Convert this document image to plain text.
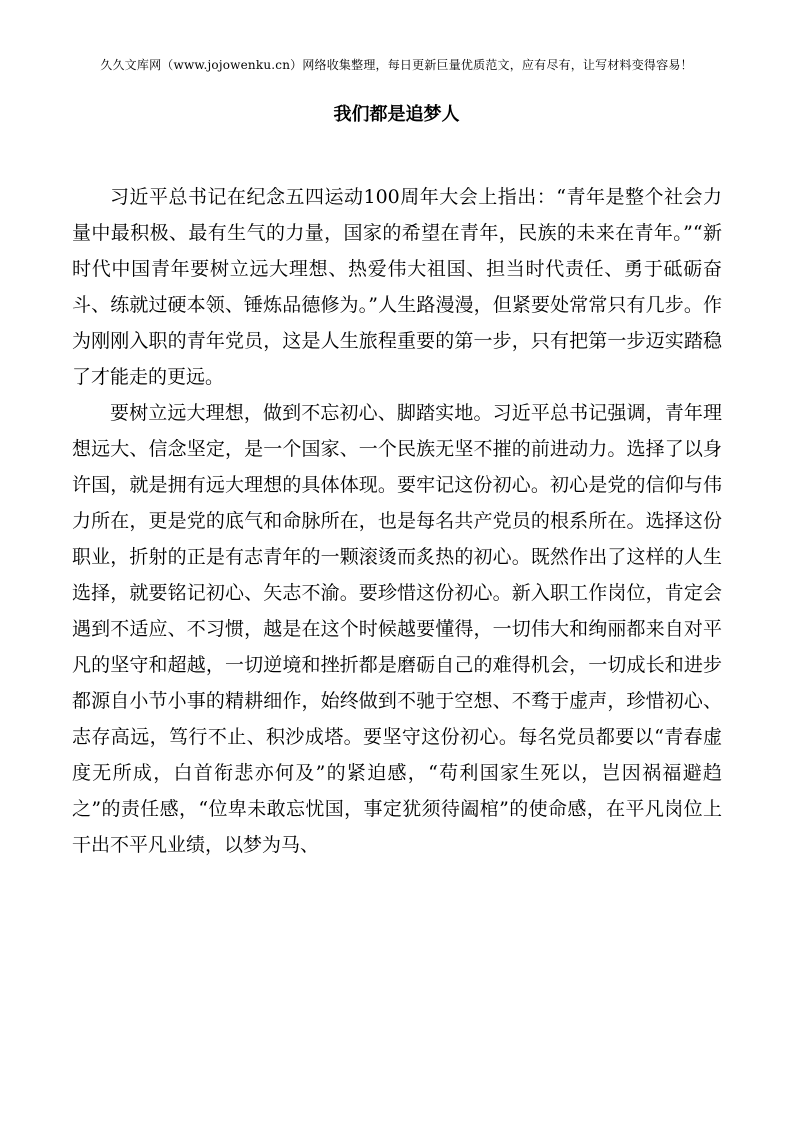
久久文库网（www.jojowenku.cn）网络收集整理，每日更新巨量优质范文，应有尽有，让写材料变得容易！
我们都是追梦人

习近平总书记在纪念五四运动100周年大会上指出：“青年是整个社会力量中最积极、最有生气的力量，国家的希望在青年，民族的未来在青年。”“新时代中国青年要树立远大理想、热爱伟大祖国、担当时代责任、勇于砥砺奋斗、练就过硬本领、锤炼品德修为。”人生路漫漫，但紧要处常常只有几步。作为刚刚入职的青年党员，这是人生旅程重要的第一步，只有把第一步迈实踏稳了才能走的更远。

要树立远大理想，做到不忘初心、脚踏实地。习近平总书记强调，青年理想远大、信念坚定，是一个国家、一个民族无坚不摧的前进动力。选择了以身许国，就是拥有远大理想的具体体现。要牢记这份初心。初心是党的信仰与伟力所在，更是党的底气和命脉所在，也是每名共产党员的根系所在。选择这份职业，折射的正是有志青年的一颗滚烫而炙热的初心。既然作出了这样的人生选择，就要铭记初心、矢志不渝。要珍惜这份初心。新入职工作岗位，肯定会遇到不适应、不习惯，越是在这个时候越要懂得，一切伟大和绚丽都来自对平凡的坚守和超越，一切逆境和挫折都是磨砺自己的难得机会，一切成长和进步都源自小节小事的精耕细作，始终做到不驰于空想、不骛于虚声，珍惜初心、志存高远，笃行不止、积沙成塔。要坚守这份初心。每名党员都要以“青春虚度无所成，白首衔悲亦何及”的紧迫感，“苟利国家生死以，岂因祸福避趋之”的责任感，“位卑未敢忘忧国，事定犹须待阖棺”的使命感，在平凡岗位上干出不平凡业绩，以梦为马、
